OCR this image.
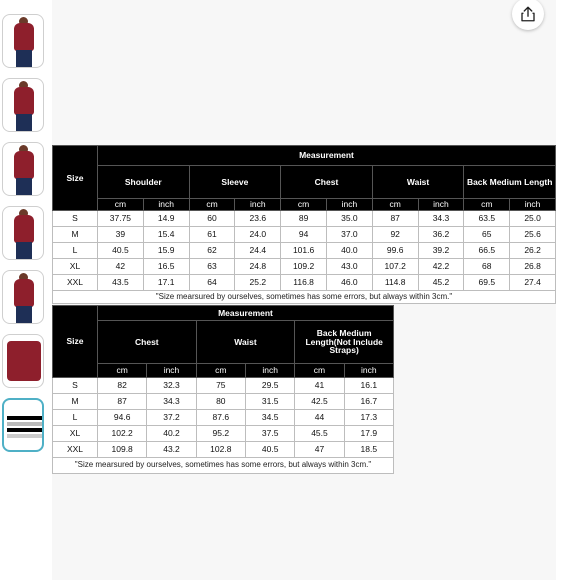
Size	Measurement									
	Shoulder		Sleeve		Chest		Waist		Back Medium Length	
	cm	inch	cm	inch	cm	inch	cm	inch	cm	inch
S	37.75	14.9	60	23.6	89	35.0	87	34.3	63.5	25.0
M	39	15.4	61	24.0	94	37.0	92	36.2	65	25.6
L	40.5	15.9	62	24.4	101.6	40.0	99.6	39.2	66.5	26.2
XL	42	16.5	63	24.8	109.2	43.0	107.2	42.2	68	26.8
XXL	43.5	17.1	64	25.2	116.8	46.0	114.8	45.2	69.5	27.4
"Size mearsured by ourselves, sometimes has some errors, but always within 3cm."										
Size	Measurement					
	Chest		Waist		Back Medium Length(Not Include Straps)	
	cm	inch	cm	inch	cm	inch
S	82	32.3	75	29.5	41	16.1
M	87	34.3	80	31.5	42.5	16.7
L	94.6	37.2	87.6	34.5	44	17.3
XL	102.2	40.2	95.2	37.5	45.5	17.9
XXL	109.8	43.2	102.8	40.5	47	18.5
"Size mearsured by ourselves, sometimes has some errors, but always within 3cm."						
